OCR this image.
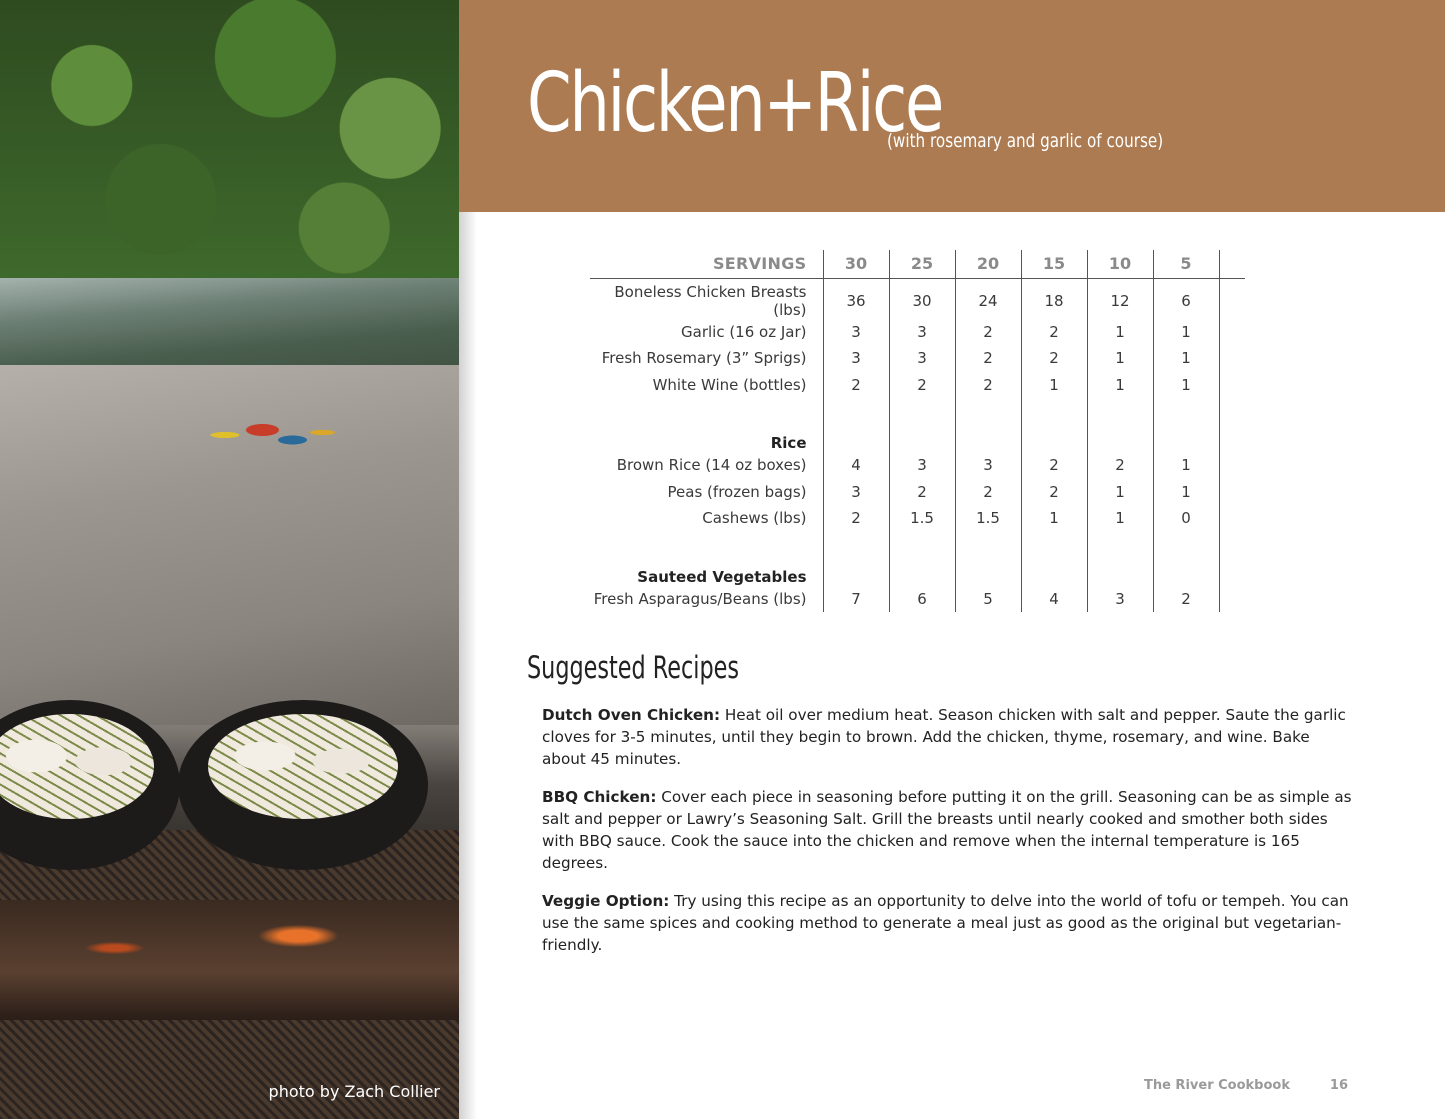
photo by Zach Collier
Chicken+Rice
(with rosemary and garlic of course)
SERVINGS	30	25	20	15	10	5	
Boneless Chicken Breasts (lbs)	36	30	24	18	12	6	
Garlic (16 oz Jar)	3	3	2	2	1	1	
Fresh Rosemary (3” Sprigs)	3	3	2	2	1	1	
White Wine (bottles)	2	2	2	1	1	1	

Rice							
Brown Rice (14 oz boxes)	4	3	3	2	2	1	
Peas (frozen bags)	3	2	2	2	1	1	
Cashews (lbs)	2	1.5	1.5	1	1	0	

Sauteed Vegetables							
Fresh Asparagus/Beans (lbs)	7	6	5	4	3	2	
Suggested Recipes

Dutch Oven Chicken: Heat oil over medium heat. Season chicken with salt and pepper. Saute the garlic cloves for 3-5 minutes, until they begin to brown. Add the chicken, thyme, rosemary, and wine. Bake about 45 minutes.

BBQ Chicken: Cover each piece in seasoning before putting it on the grill. Seasoning can be as simple as salt and pepper or Lawry’s Seasoning Salt. Grill the breasts until nearly cooked and smother both sides with BBQ sauce. Cook the sauce into the chicken and remove when the internal temperature is 165 degrees.

Veggie Option: Try using this recipe as an opportunity to delve into the world of tofu or tempeh. You can use the same spices and cooking method to generate a meal just as good as the original but vegetarian-friendly.

The River Cookbook	16
